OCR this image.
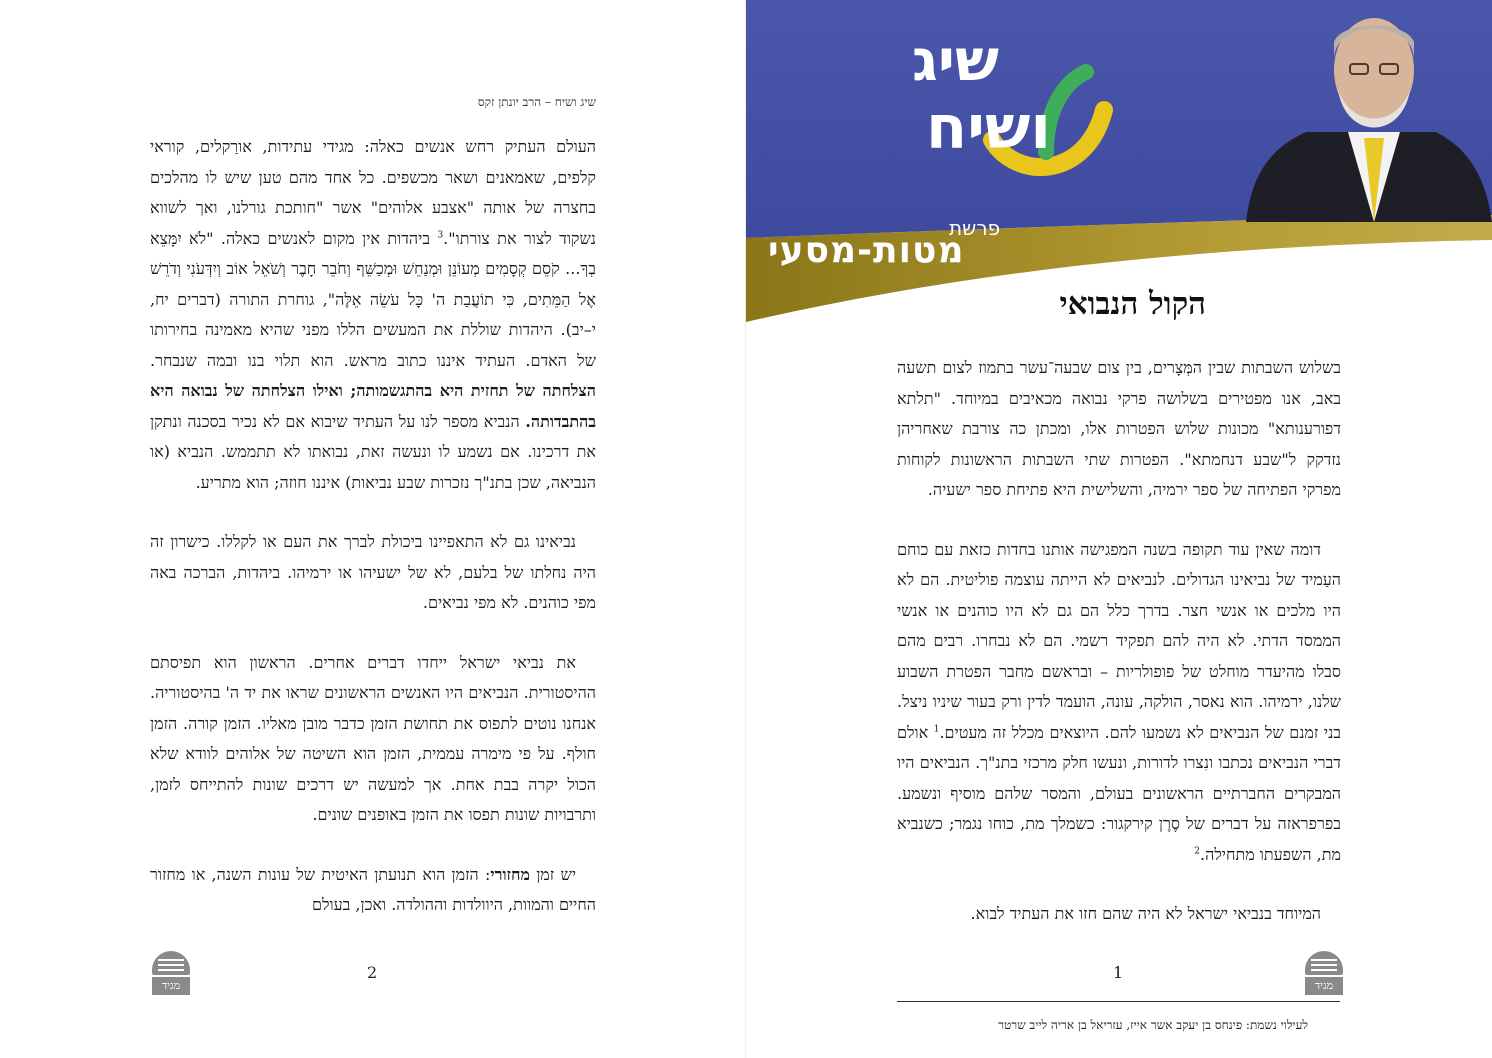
שיג ושיח – הרב יונתן זקס

העולם העתיק רחש אנשים כאלה: מגידי עתידות, אורַקלים, קוראי קלפים, שאמאנים ושאר מכשפים. כל אחד מהם טען שיש לו מהלכים בחצרה של אותה "אצבע אלוהים" אשר "חותכת גורלנו, ואך לשווא נשקוד לצור את צורתו".$^3$ ביהדות אין מקום לאנשים כאלה. "לֹא יִמָּצֵא בְךָ... קֹסֵם קְסָמִים מְעוֹנֵן וּמְנַחֵשׁ וּמְכַשֵּׁף וְחֹבֵר חָבֶר וְשֹׁאֵל אוֹב וְיִדְּעֹנִי וְדֹרֵשׁ אֶל הַמֵּתִים, כִּי תוֹעֲבַת ה' כָּל עֹשֵׂה אֵלֶּה", גוחרת התורה (דברים יח, י–יב). היהדות שוללת את המעשים הללו מפני שהיא מאמינה בחירותו של האדם. העתיד איננו כתוב מראש. הוא תלוי בנו ובמה שנבחר. הצלחתה של תחזית היא בהתגשמותה; ואילו הצלחתה של נבואה היא בהתבדותה. הנביא מספר לנו על העתיד שיבוא אם לא נכיר בסכנה ונתקן את דרכינו. אם נשמע לו ונעשה זאת, נבואתו לא תתממש. הנביא (או הנביאה, שכן בתנ"ך נזכרות שבע נביאות) איננו חוזה; הוא מתריע.

נביאינו גם לא התאפיינו ביכולת לברך את העם או לקללו. כישרון זה היה נחלתו של בלעם, לא של ישעיהו או ירמיהו. ביהדות, הברכה באה מפי כוהנים. לא מפי נביאים.

את נביאי ישראל ייחדו דברים אחרים. הראשון הוא תפיסתם ההיסטורית. הנביאים היו האנשים הראשונים שראו את יד ה' בהיסטוריה. אנחנו נוטים לתפוס את תחושת הזמן כדבר מובן מאליו. הזמן קורה. הזמן חולף. על פי מימרה עממית, הזמן הוא השיטה של אלוהים לוודא שלא הכול יקרה בבת אחת. אך למעשה יש דרכים שונות להתייחס לזמן, ותרבויות שונות תפסו את הזמן באופנים שונים.

יש זמן מחזורי: הזמן הוא תנועתן האיטית של עונות השנה, או מחזור החיים והמוות, היוולדות וההולדה. ואכן, בעולם

2
מגיד
שיג
ושיח
פרשת
מטות-מסעי
הקול הנבואי

בשלוש השבתות שבין המְּצָרים, בין צום שבעה־עשר בתמוז לצום תשעה באב, אנו מפטירים בשלושה פרקי נבואה מכאיבים במיוחד. "תלתא דפורענותא" מכונות שלוש הפטרות אלו, ומכתן כה צורבת שאחריהן נזדקק ל"שבע דנחמתא". הפטרות שתי השבתות הראשונות לקוחות מפרקי הפתיחה של ספר ירמיה, והשלישית היא פתיחת ספר ישעיה.

דומה שאין עוד תקופה בשנה המפגישה אותנו בחדות כזאת עם כוחם העַמיד של נביאינו הגדולים. לנביאים לא הייתה עוצמה פוליטית. הם לא היו מלכים או אנשי חצר. בדרך כלל הם גם לא היו כוהנים או אנשי הממסד הדתי. לא היה להם תפקיד רשמי. הם לא נבחרו. רבים מהם סבלו מהיעדר מוחלט של פופולריות – ובראשם מחבר הפטרת השבוע שלנו, ירמיהו. הוא נאסר, הולקה, עונה, הועמד לדין ורק בעור שיניו ניצל. בני זמנם של הנביאים לא נשמעו להם. היוצאים מכלל זה מעטים.$^1$ אולם דברי הנביאים נכתבו ונִצרו לדורות, ונעשו חלק מרכזי בתנ"ך. הנביאים היו המבקרים החברתיים הראשונים בעולם, והמסר שלהם מוסיף ונשמע. בפרפראזה על דברים של סֶרֶן קירקגור: כשמלך מת, כוחו נגמר; כשנביא מת, השפעתו מתחילה.$^2$

המיוחד בנביאי ישראל לא היה שהם חזו את העתיד לבוא.

1
מגיד
לעילוי נשמת: פינחס בן יעקב אשר אייז, עזריאל בן אריה לייב שרטר
